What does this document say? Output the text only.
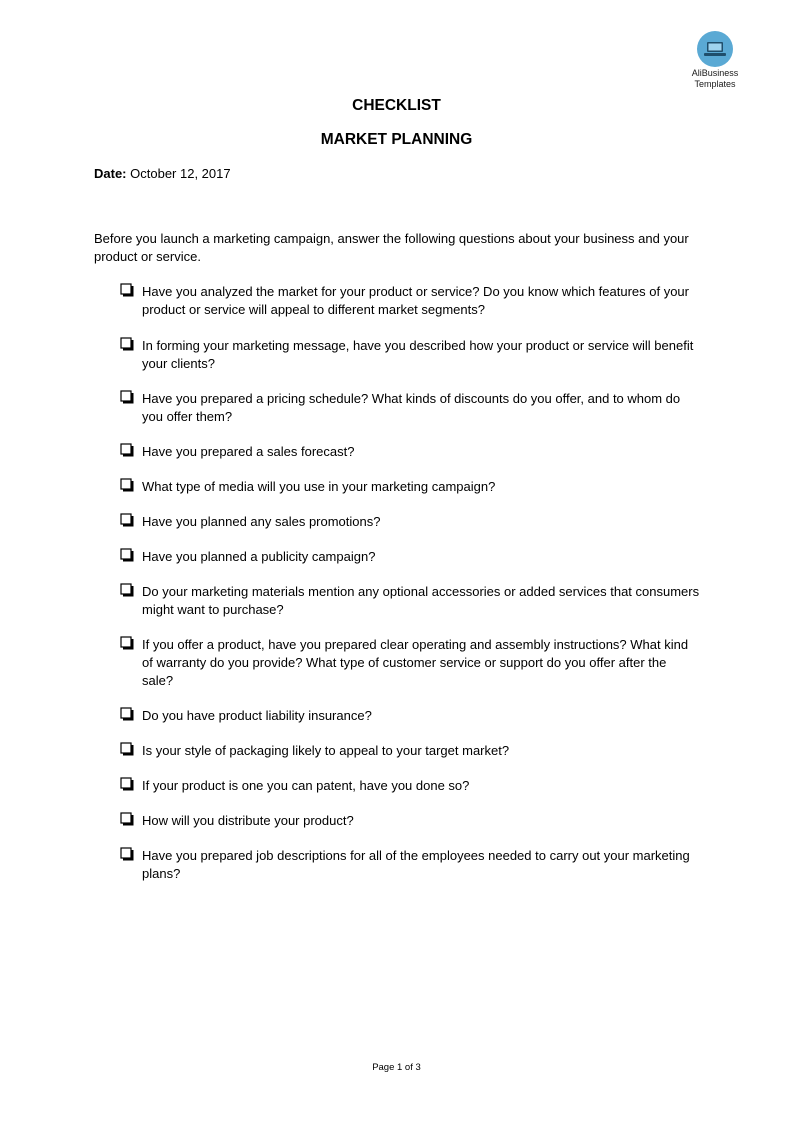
AliBusiness
Templates
CHECKLIST
MARKET PLANNING
Date: October 12, 2017
Before you launch a marketing campaign, answer the following questions about your business and your product or service.
Have you analyzed the market for your product or service? Do you know which features of your product or service will appeal to different market segments?
In forming your marketing message, have you described how your product or service will benefit your clients?
Have you prepared a pricing schedule? What kinds of discounts do you offer, and to whom do you offer them?
Have you prepared a sales forecast?
What type of media will you use in your marketing campaign?
Have you planned any sales promotions?
Have you planned a publicity campaign?
Do your marketing materials mention any optional accessories or added services that consumers might want to purchase?
If you offer a product, have you prepared clear operating and assembly instructions? What kind of warranty do you provide? What type of customer service or support do you offer after the sale?
Do you have product liability insurance?
Is your style of packaging likely to appeal to your target market?
If your product is one you can patent, have you done so?
How will you distribute your product?
Have you prepared job descriptions for all of the employees needed to carry out your marketing plans?
Page 1 of 3
